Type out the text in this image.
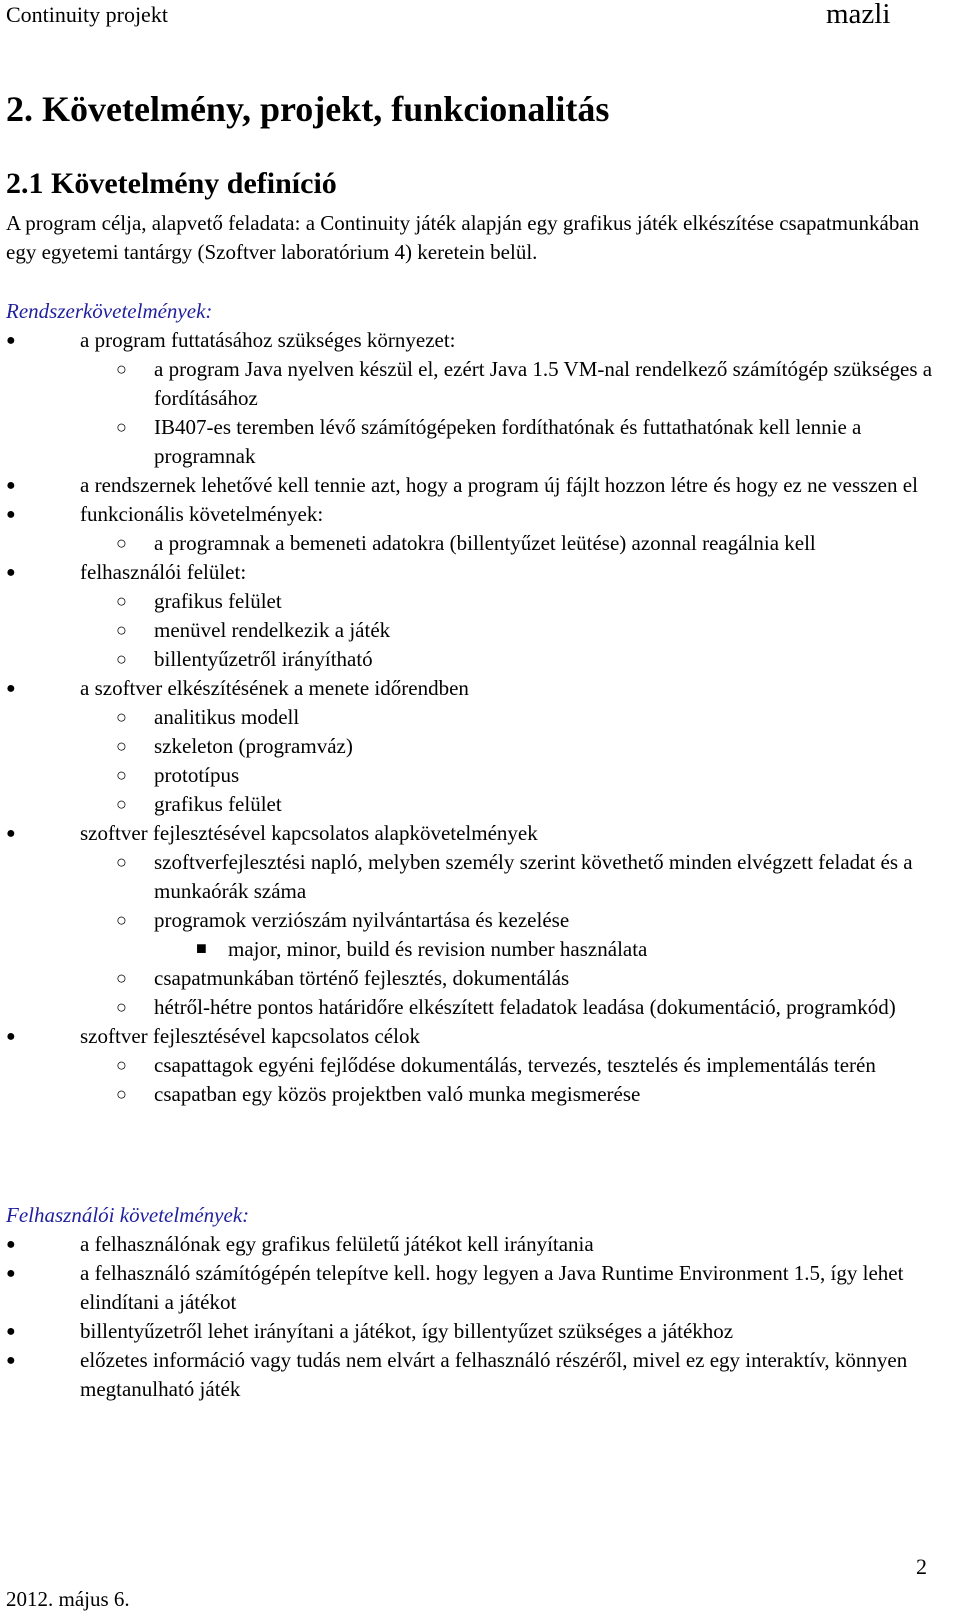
Continuity projekt	mazli
2. Követelmény, projekt, funkcionalitás
2.1 Követelmény definíció

A program célja, alapvető feladata: a Continuity játék alapján egy grafikus játék elkészítése csapatmunkában egy egyetemi tantárgy (Szoftver laboratórium 4) keretein belül.

Rendszerkövetelmények:
●	a program futtatásához szükséges környezet:
○ a program Java nyelven készül el, ezért Java 1.5 VM-nal rendelkező számítógép szükséges a fordításához
○ IB407-es teremben lévő számítógépeken fordíthatónak és futtathatónak kell lennie a programnak
●	a rendszernek lehetővé kell tennie azt, hogy a program új fájlt hozzon létre és hogy ez ne vesszen el
●	funkcionális követelmények:
○ a programnak a bemeneti adatokra (billentyűzet leütése) azonnal reagálnia kell
●	felhasználói felület:
○ grafikus felület
○ menüvel rendelkezik a játék
○ billentyűzetről irányítható
●	a szoftver elkészítésének a menete időrendben
○ analitikus modell
○ szkeleton (programváz)
○ prototípus
○ grafikus felület
●	szoftver fejlesztésével kapcsolatos alapkövetelmények
○ szoftverfejlesztési napló, melyben személy szerint követhető minden elvégzett feladat és a munkaórák száma
○ programok verziószám nyilvántartása és kezelése
■ major, minor, build és revision number használata
○ csapatmunkában történő fejlesztés, dokumentálás
○ hétről-hétre pontos határidőre elkészített feladatok leadása (dokumentáció, programkód)
●	szoftver fejlesztésével kapcsolatos célok
○ csapattagok egyéni fejlődése dokumentálás, tervezés, tesztelés és implementálás terén
○ csapatban egy közös projektben való munka megismerése
Felhasználói követelmények:
●	a felhasználónak egy grafikus felületű játékot kell irányítania
●	a felhasználó számítógépén telepítve kell. hogy legyen a Java Runtime Environment 1.5, így lehet elindítani a játékot
●	billentyűzetről lehet irányítani a játékot, így billentyűzet szükséges a játékhoz
●	előzetes információ vagy tudás nem elvárt a felhasználó részéről, mivel ez egy interaktív, könnyen megtanulható játék
2012. május 6.
2
